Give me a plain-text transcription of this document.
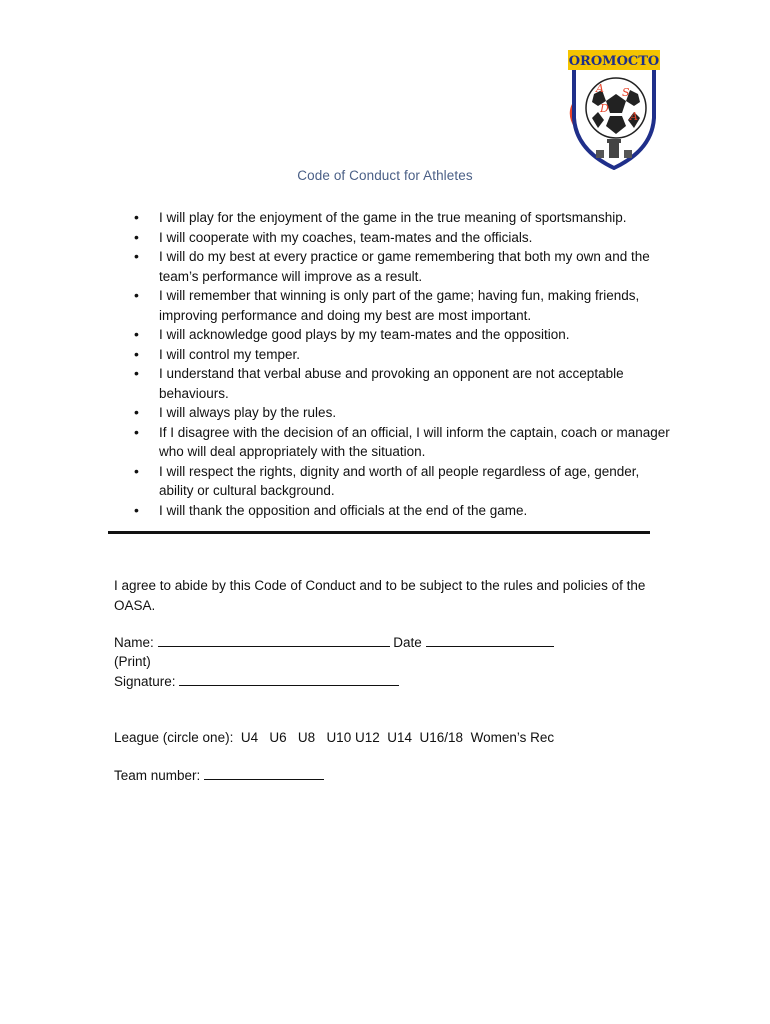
A S
D
A
OROMOCTO
Code of Conduct for Athletes
• I will play for the enjoyment of the game in the true meaning of sportsmanship.
• I will cooperate with my coaches, team-mates and the officials.
• I will do my best at every practice or game remembering that both my own and the team’s performance will improve as a result.
• I will remember that winning is only part of the game; having fun, making friends, improving performance and doing my best are most important.
• I will acknowledge good plays by my team-mates and the opposition.
• I will control my temper.
• I understand that verbal abuse and provoking an opponent are not acceptable behaviours.
• I will always play by the rules.
• If I disagree with the decision of an official, I will inform the captain, coach or manager who will deal appropriately with the situation.
• I will respect the rights, dignity and worth of all people regardless of age, gender, ability or cultural background.
• I will thank the opposition and officials at the end of the game.
I agree to abide by this Code of Conduct and to be subject to the rules and policies of the OASA.
Name:	Date
(Print)
Signature:
League (circle one): U4 U6 U8 U10 U12 U14 U16/18 Women’s Rec
Team number:
